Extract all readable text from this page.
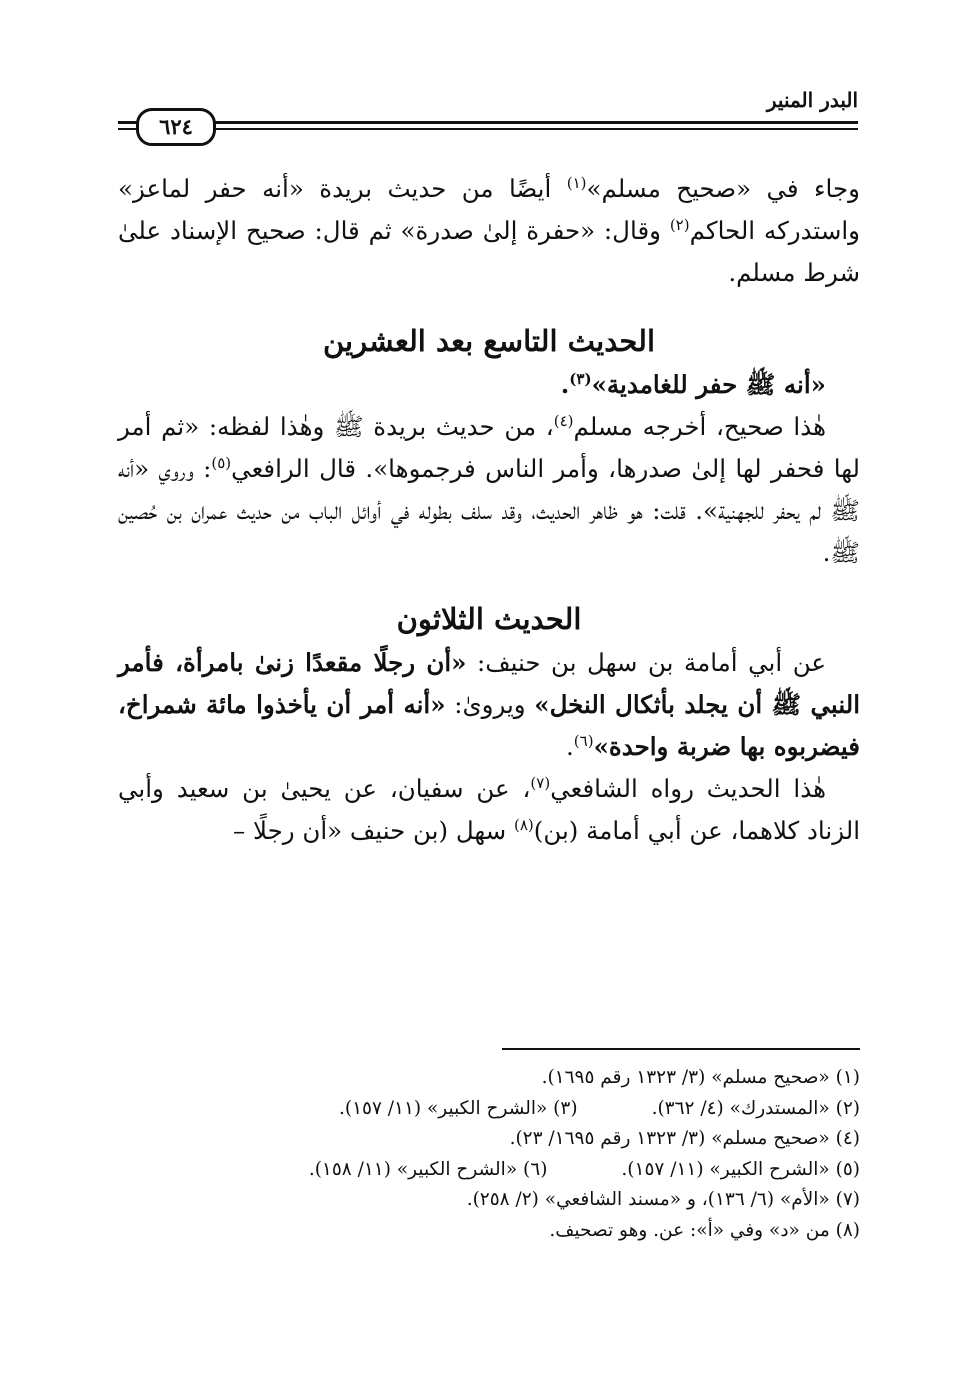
البدر المنير
٦٢٤

وجاء في «صحيح مسلم»$^{(١)}$ أيضًا من حديث بريدة «أنه حفر لماعز» واستدركه الحاكم$^{(٢)}$ وقال: «حفرة إلىٰ صدرة» ثم قال: صحيح الإسناد علىٰ شرط مسلم.

الحديث التاسع بعد العشرين

«أنه ﷺ حفر للغامدية»$^{(٣)}$.

هٰذا صحيح، أخرجه مسلم$^{(٤)}$، من حديث بريدة ﷺ وهٰذا لفظه: «ثم أمر لها فحفر لها إلىٰ صدرها، وأمر الناس فرجموها». قال الرافعي$^{(٥)}$: وروي «أنه ﷺ لم يحفر للجهنية». قلت: هو ظاهر الحديث، وقد سلف بطوله في أوائل الباب من حديث عمران بن حُصين ﷺ.

الحديث الثلاثون

عن أبي أمامة بن سهل بن حنيف: «أن رجلًا مقعدًا زنىٰ بامرأة، فأمر النبي ﷺ أن يجلد بأثكال النخل» ويروىٰ: «أنه أمر أن يأخذوا مائة شمراخ، فيضربوه بها ضربة واحدة»$^{(٦)}$.

هٰذا الحديث رواه الشافعي$^{(٧)}$، عن سفيان، عن يحيىٰ بن سعيد وأبي الزناد كلاهما، عن أبي أمامة (بن)$^{(٨)}$ سهل (بن حنيف «أن رجلًا –

(١) «صحيح مسلم» (٣/ ١٣٢٣ رقم ١٦٩٥).

(٢) «المستدرك» (٤/ ٣٦٢).(٣) «الشرح الكبير» (١١/ ١٥٧).

(٤) «صحيح مسلم» (٣/ ١٣٢٣ رقم ١٦٩٥/ ٢٣).

(٥) «الشرح الكبير» (١١/ ١٥٧).(٦) «الشرح الكبير» (١١/ ١٥٨).

(٧) «الأم» (٦/ ١٣٦)، و «مسند الشافعي» (٢/ ٢٥٨).

(٨) من «د» وفي «أ»: عن. وهو تصحيف.
